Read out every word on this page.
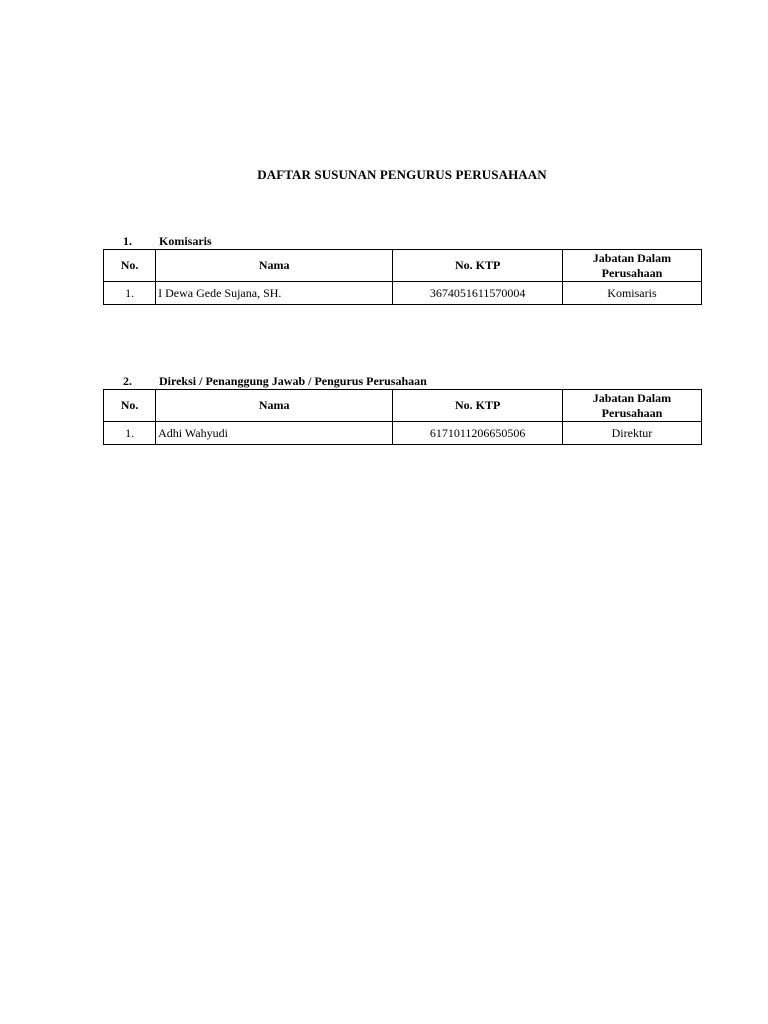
DAFTAR SUSUNAN PENGURUS PERUSAHAAN
1. Komisaris
No.	Nama	No. KTP	Jabatan Dalam Perusahaan
1.	I Dewa Gede Sujana, SH.	3674051611570004	Komisaris
2. Direksi / Penanggung Jawab / Pengurus Perusahaan
No.	Nama	No. KTP	Jabatan Dalam Perusahaan
1.	Adhi Wahyudi	6171011206650506	Direktur
